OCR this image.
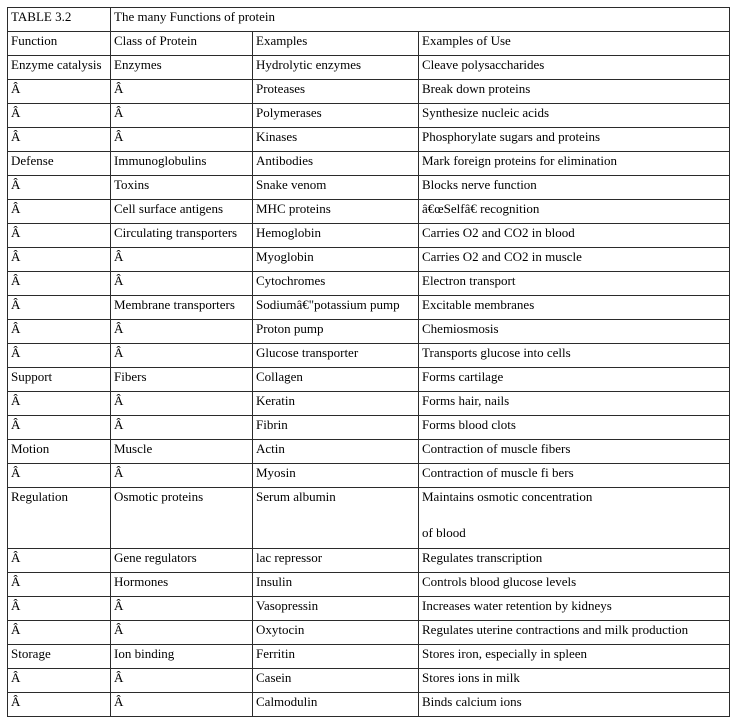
TABLE 3.2	The many Functions of protein		
Function	Class of Protein	Examples	Examples of Use
Enzyme catalysis	Enzymes	Hydrolytic enzymes	Cleave polysaccharides
Â	Â	Proteases	Break down proteins
Â	Â	Polymerases	Synthesize nucleic acids
Â	Â	Kinases	Phosphorylate sugars and proteins
Defense	Immunoglobulins	Antibodies	Mark foreign proteins for elimination
Â	Toxins	Snake venom	Blocks nerve function
Â	Cell surface antigens	MHC proteins	â€œSelfâ€ recognition
Â	Circulating transporters	Hemoglobin	Carries O2 and CO2 in blood
Â	Â	Myoglobin	Carries O2 and CO2 in muscle
Â	Â	Cytochromes	Electron transport
Â	Membrane transporters	Sodiumâ€"potassium pump	Excitable membranes
Â	Â	Proton pump	Chemiosmosis
Â	Â	Glucose transporter	Transports glucose into cells
Support	Fibers	Collagen	Forms cartilage
Â	Â	Keratin	Forms hair, nails
Â	Â	Fibrin	Forms blood clots
Motion	Muscle	Actin	Contraction of muscle fibers
Â	Â	Myosin	Contraction of muscle fi bers
Regulation	Osmotic proteins	Serum albumin	Maintains osmotic concentration
of blood
Â	Gene regulators	lac repressor	Regulates transcription
Â	Hormones	Insulin	Controls blood glucose levels
Â	Â	Vasopressin	Increases water retention by kidneys
Â	Â	Oxytocin	Regulates uterine contractions and milk production
Storage	Ion binding	Ferritin	Stores iron, especially in spleen
Â	Â	Casein	Stores ions in milk
Â	Â	Calmodulin	Binds calcium ions
